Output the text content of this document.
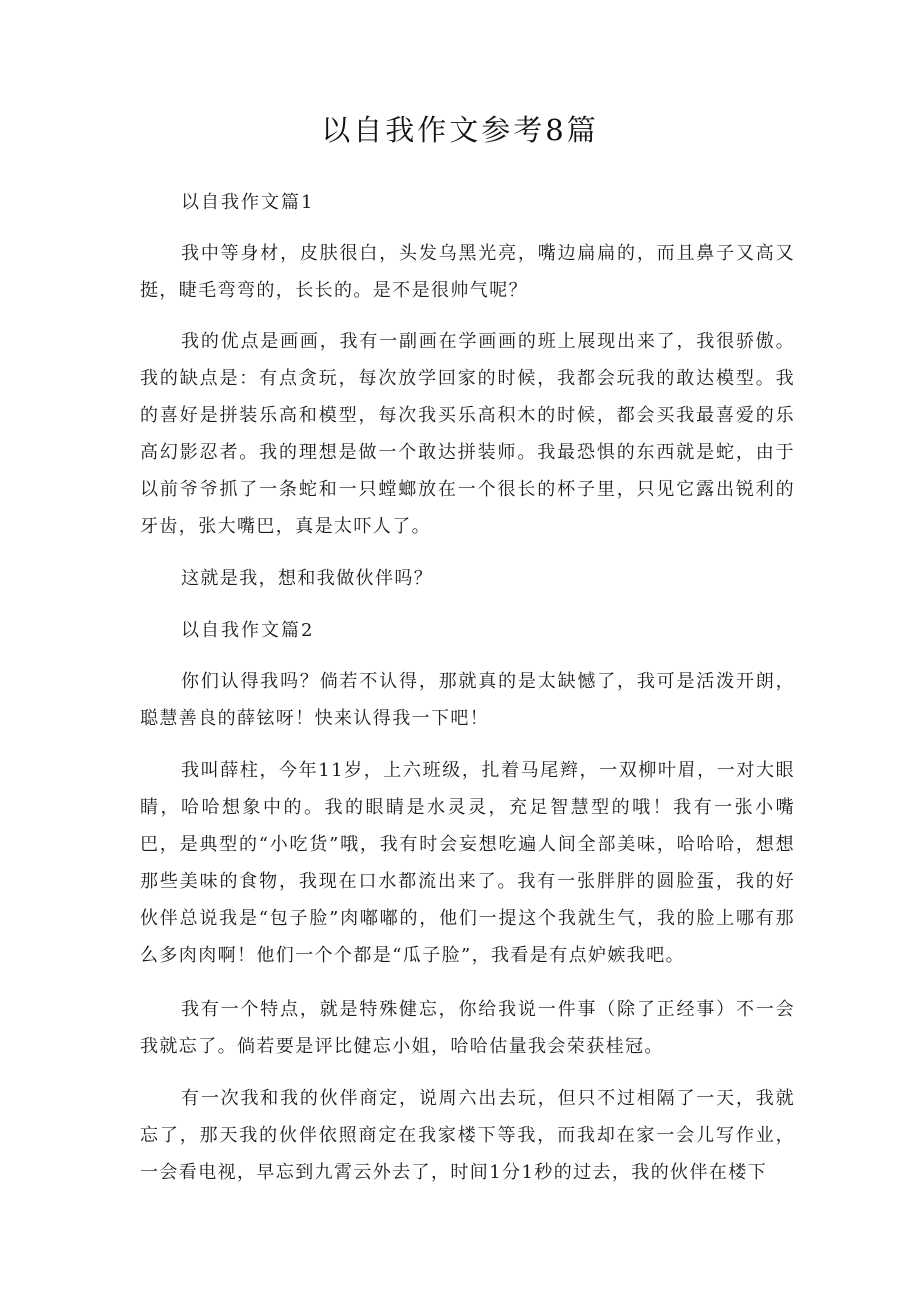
以自我作文参考8篇

以自我作文篇1

我中等身材，皮肤很白，头发乌黑光亮，嘴边扁扁的，而且鼻子又高又挺，睫毛弯弯的，长长的。是不是很帅气呢？

我的优点是画画，我有一副画在学画画的班上展现出来了，我很骄傲。我的缺点是：有点贪玩，每次放学回家的时候，我都会玩我的敢达模型。我的喜好是拼装乐高和模型，每次我买乐高积木的时候，都会买我最喜爱的乐高幻影忍者。我的理想是做一个敢达拼装师。我最恐惧的东西就是蛇，由于以前爷爷抓了一条蛇和一只螳螂放在一个很长的杯子里，只见它露出锐利的牙齿，张大嘴巴，真是太吓人了。

这就是我，想和我做伙伴吗？

以自我作文篇2

你们认得我吗？倘若不认得，那就真的是太缺憾了，我可是活泼开朗，聪慧善良的薛铉呀！快来认得我一下吧！

我叫薛柱，今年11岁，上六班级，扎着马尾辫，一双柳叶眉，一对大眼睛，哈哈想象中的。我的眼睛是水灵灵，充足智慧型的哦！我有一张小嘴巴，是典型的“小吃货”哦，我有时会妄想吃遍人间全部美味，哈哈哈，想想那些美味的食物，我现在口水都流出来了。我有一张胖胖的圆脸蛋，我的好伙伴总说我是“包子脸”肉嘟嘟的，他们一提这个我就生气，我的脸上哪有那么多肉肉啊！他们一个个都是“瓜子脸”，我看是有点妒嫉我吧。

我有一个特点，就是特殊健忘，你给我说一件事（除了正经事）不一会我就忘了。倘若要是评比健忘小姐，哈哈估量我会荣获桂冠。

有一次我和我的伙伴商定，说周六出去玩，但只不过相隔了一天，我就忘了，那天我的伙伴依照商定在我家楼下等我，而我却在家一会儿写作业，一会看电视，早忘到九霄云外去了，时间1分1秒的过去，我的伙伴在楼下
